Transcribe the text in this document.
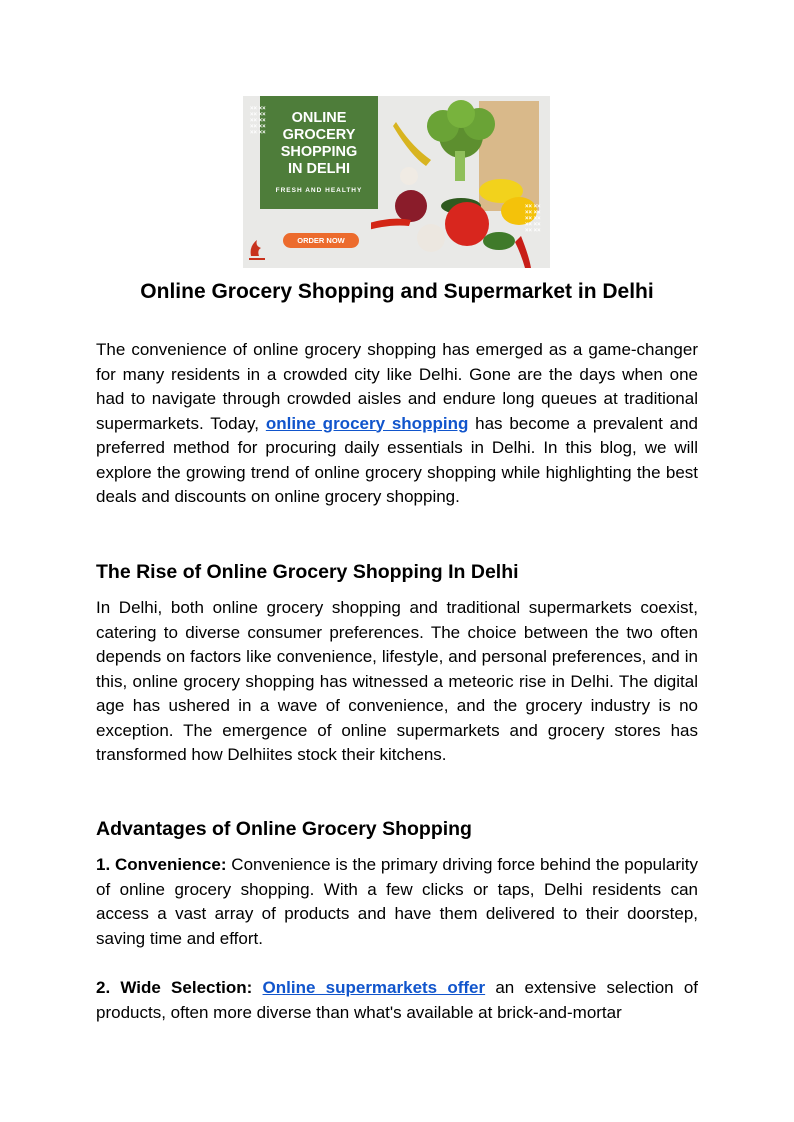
ONLINE
GROCERY
SHOPPING
IN DELHI
FRESH AND HEALTHY
×× ××
×× ××
×× ××
×× ××
×× ××
×× ××
×× ××
×× ××
×× ××
×× ××
ORDER NOW
Online Grocery Shopping and Supermarket in Delhi

The convenience of online grocery shopping has emerged as a game-changer for many residents in a crowded city like Delhi. Gone are the days when one had to navigate through crowded aisles and endure long queues at traditional supermarkets. Today, online grocery shopping has become a prevalent and preferred method for procuring daily essentials in Delhi. In this blog, we will explore the growing trend of online grocery shopping while highlighting the best deals and discounts on online grocery shopping.

The Rise of Online Grocery Shopping In Delhi

In Delhi, both online grocery shopping and traditional supermarkets coexist, catering to diverse consumer preferences. The choice between the two often depends on factors like convenience, lifestyle, and personal preferences, and in this, online grocery shopping has witnessed a meteoric rise in Delhi. The digital age has ushered in a wave of convenience, and the grocery industry is no exception. The emergence of online supermarkets and grocery stores has transformed how Delhiites stock their kitchens.

Advantages of Online Grocery Shopping

1. Convenience: Convenience is the primary driving force behind the popularity of online grocery shopping. With a few clicks or taps, Delhi residents can access a vast array of products and have them delivered to their doorstep, saving time and effort.

2. Wide Selection: Online supermarkets offer an extensive selection of products, often more diverse than what's available at brick-and-mortar
